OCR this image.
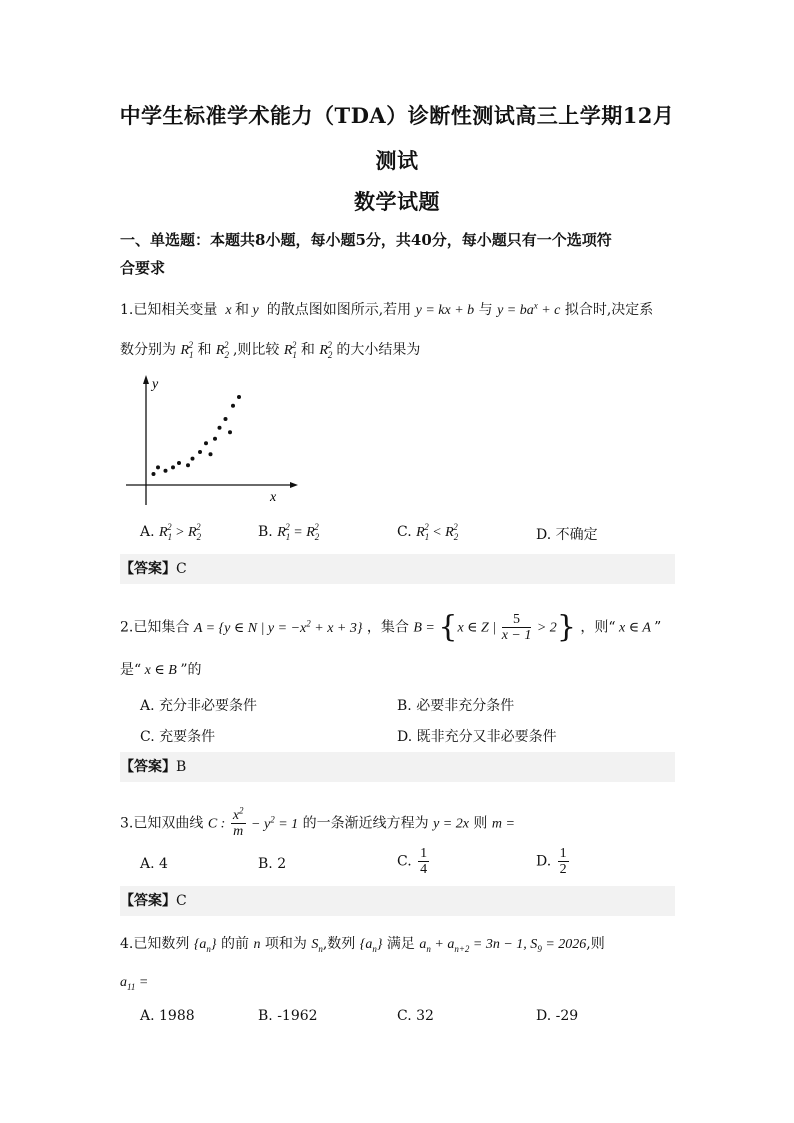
中学生标准学术能力（TDA）诊断性测试高三上学期12月
测试
数学试题
一、单选题：本题共8小题，每小题5分，共40分，每小题只有一个选项符
合要求
1.已知相关变量  x 和 y  的散点图如图所示,若用 y = kx + b 与 $y = ba^x + c$ 拟合时,决定系
数分别为 $R_1^2$ 和 $R_2^2$ ,则比较 $R_1^2$ 和 $R_2^2$ 的大小结果为
y
x
A. $R_1^2 > R_2^2$	B. $R_1^2 = R_2^2$	C. $R_1^2 < R_2^2$	D. 不确定
【答案】C
2.已知集合 A = {y ∈ N | $y = -x^2 + x + 3$} ，集合 B = {x ∈ Z | $\frac{5}{x - 1} > 2$} ，则“ x ∈ A ”
是“ x ∈ B ”的
A. 充分非必要条件	B. 必要非充分条件
C. 充要条件	D. 既非充分又非必要条件
【答案】B
3.已知双曲线 C : $\frac{x^2}{m} - y^2 = 1$ 的一条渐近线方程为 y = 2x 则 m =
A. 4	B. 2	C. $\frac{1}{4}$	D. $\frac{1}{2}$
【答案】C
4.已知数列 $\{a_n\}$ 的前 n 项和为 $S_n$,数列 $\{a_n\}$ 满足 $a_n + a_{n+2} = 3n - 1$, $S_9 = 2026$,则
$a_{11}$ =
A. 1988	B. -1962	C. 32	D. -29
